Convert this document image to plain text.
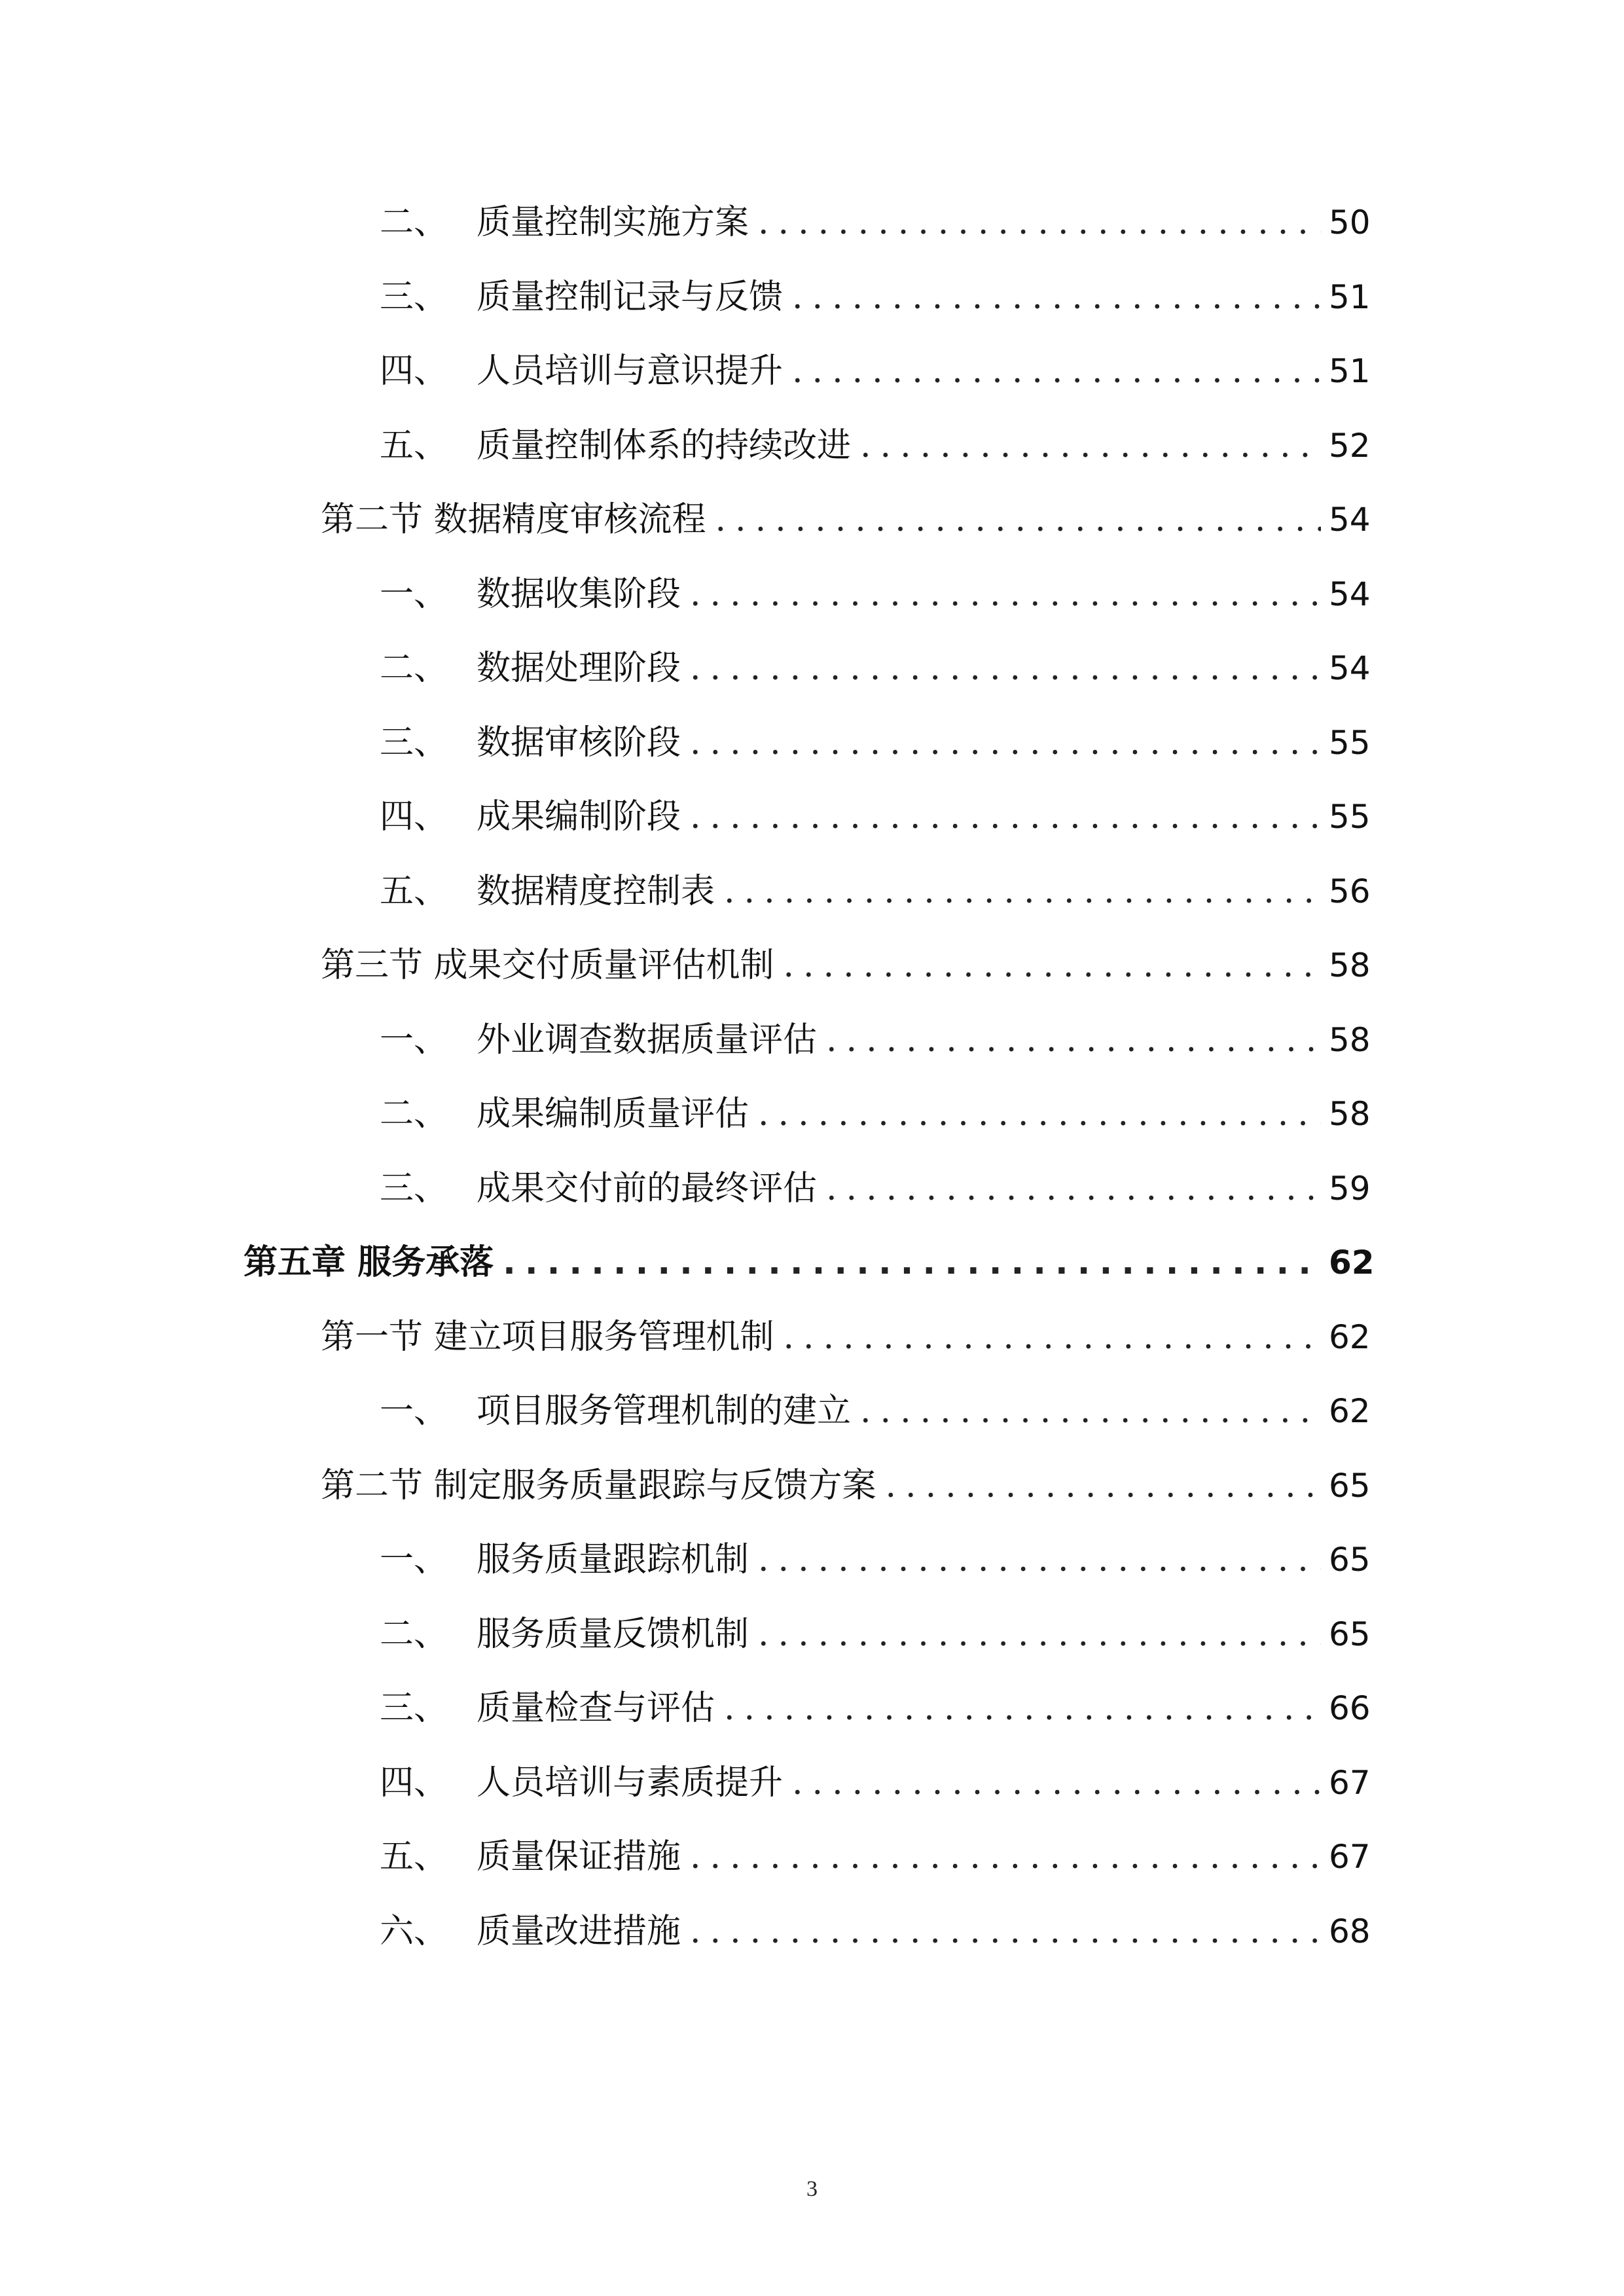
二、 质量控制实施方案 .....	50
三、 质量控制记录与反馈 .....	51
四、 人员培训与意识提升 .....	51
五、 质量控制体系的持续改进 .....	52
第二节 数据精度审核流程 .....	54
一、 数据收集阶段 .....	54
二、 数据处理阶段 .....	54
三、 数据审核阶段 .....	55
四、 成果编制阶段 .....	55
五、 数据精度控制表 .....	56
第三节 成果交付质量评估机制 .....	58
一、 外业调查数据质量评估 .....	58
二、 成果编制质量评估 .....	58
三、 成果交付前的最终评估 .....	59
第五章 服务承落 .....	62
第一节 建立项目服务管理机制 .....	62
一、 项目服务管理机制的建立 .....	62
第二节 制定服务质量跟踪与反馈方案 .....	65
一、 服务质量跟踪机制 .....	65
二、 服务质量反馈机制 .....	65
三、 质量检查与评估 .....	66
四、 人员培训与素质提升 .....	67
五、 质量保证措施 .....	67
六、 质量改进措施 .....	68
3
